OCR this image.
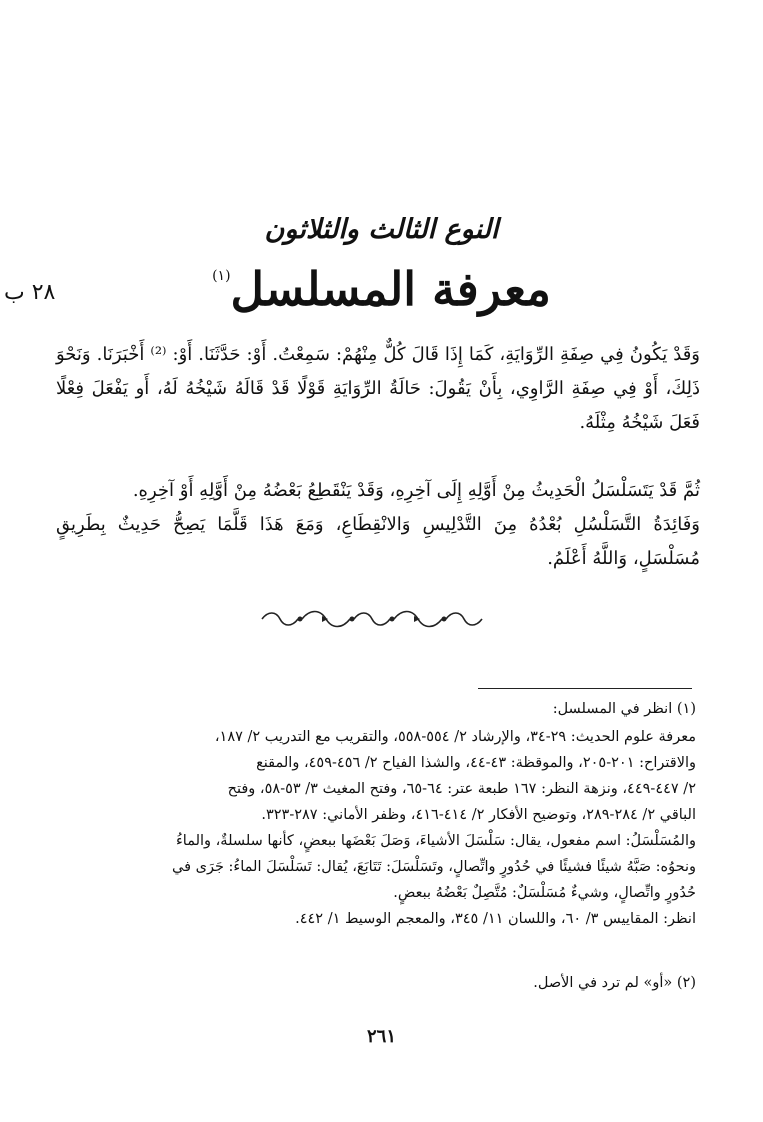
النوع الثالث والثلاثون
معرفة المسلسل$^{(١)}$
٢٨ ب

وَقَدْ يَكُونُ فِي صِفَةِ الرِّوَايَةِ، كَمَا إِذَا قَالَ كُلٌّ مِنْهُمْ: سَمِعْتُ. أَوْ: حَدَّثَنَا. أَوْ: ⁽²⁾ أَخْبَرَنَا. وَنَحْوَ ذَلِكَ، أَوْ فِي صِفَةِ الرَّاوِي، بِأَنْ يَقُولَ: حَالَةُ الرِّوَايَةِ قَوْلًا قَدْ قَالَهُ شَيْخُهُ لَهُ، أَو يَفْعَلَ فِعْلًا فَعَلَ شَيْخُهُ مِثْلَهُ.

ثُمَّ قَدْ يَتَسَلْسَلُ الْحَدِيثُ مِنْ أَوَّلِهِ إِلَى آخِرِهِ، وَقَدْ يَنْقَطِعُ بَعْضُهُ مِنْ أَوَّلِهِ أَوْ آخِرِهِ.

وَفَائِدَةُ التَّسَلْسُلِ بُعْدُهُ مِنَ التَّدْلِيسِ وَالانْقِطَاعِ، وَمَعَ هَذَا قَلَّمَا يَصِحُّ حَدِيثٌ بِطَرِيقٍ مُسَلْسَلٍ، وَاللَّهُ أَعْلَمُ.

(١) انظر في المسلسل:
معرفة علوم الحديث: ٢٩-٣٤، والإرشاد ٢/ ٥٥٤-٥٥٨، والتقريب مع التدريب ٢/ ١٨٧،
والاقتراح: ٢٠١-٢٠٥، والموقظة: ٤٣-٤٤، والشذا الفياح ٢/ ٤٥٦-٤٥٩، والمقنع
٢/ ٤٤٧-٤٤٩، ونزهة النظر: ١٦٧ طبعة عتر: ٦٤-٦٥، وفتح المغيث ٣/ ٥٣-٥٨، وفتح
الباقي ٢/ ٢٨٤-٢٨٩، وتوضيح الأفكار ٢/ ٤١٤-٤١٦، وظفر الأماني: ٢٨٧-٣٢٣.
والمُسَلْسَلُ: اسم مفعول، يقال: سَلْسَلَ الأشياءَ، وَصَلَ بَعْضَها ببعضٍ، كأنها سلسلةٌ، والماءُ
ونحوُه: صَبَّهُ شيئًا فشيئًا في حُدُورٍ واتِّصالٍ، وتَسَلْسَلَ: تَتَابَعَ، يُقال: تَسَلْسَلَ الماءُ: جَرَى في
حُدُورٍ واتِّصالٍ، وشيءٌ مُسَلْسَلٌ: مُتَّصِلٌ بَعْضُهُ ببعضٍ.
انظر: المقاييس ٣/ ٦٠، واللسان ١١/ ٣٤٥، والمعجم الوسيط ١/ ٤٤٢.
(٢) «أو» لم ترد في الأصل.
٢٦١
